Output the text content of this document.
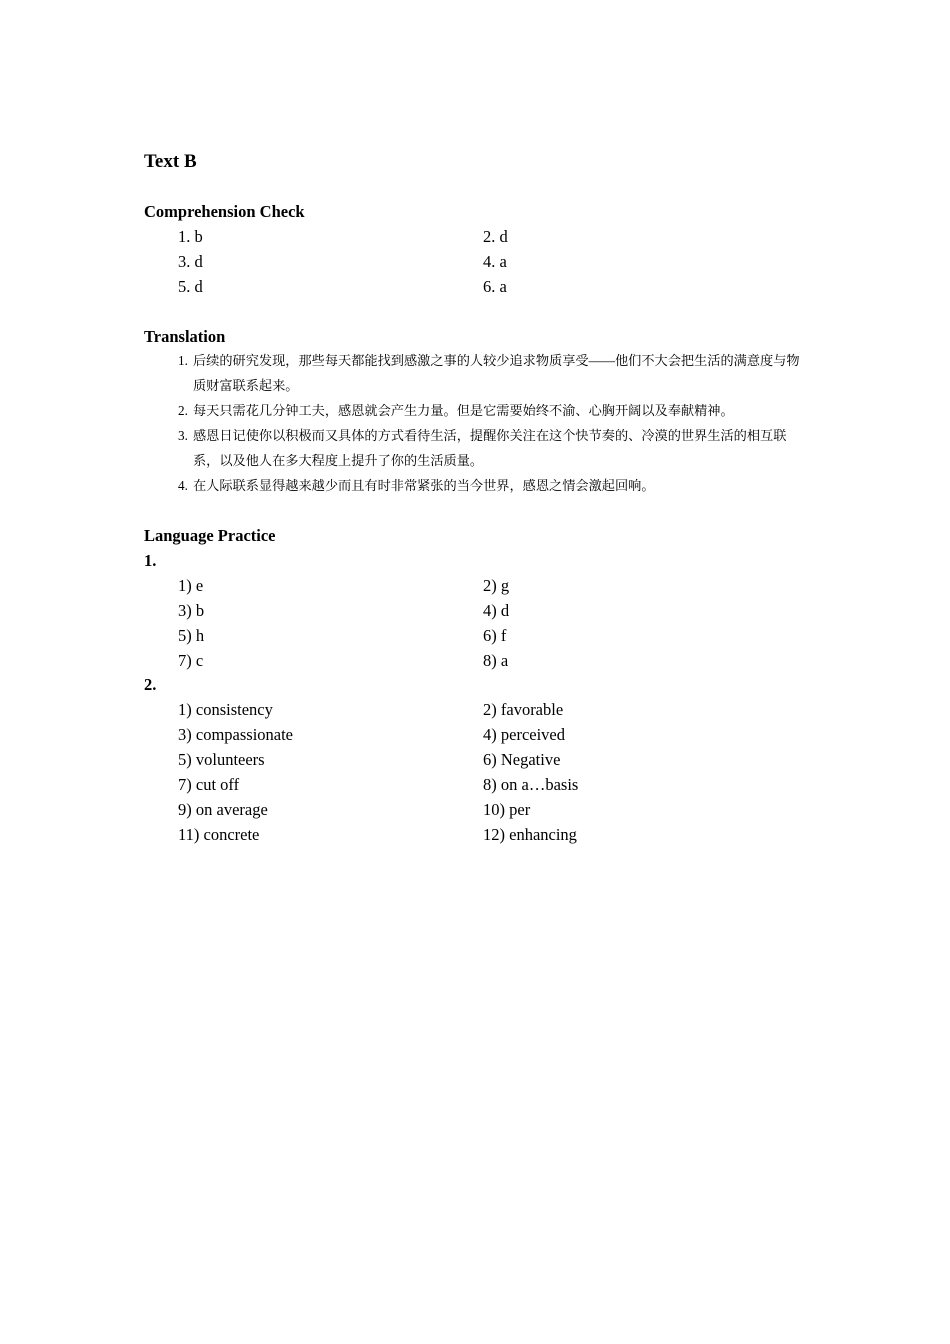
Text B
Comprehension Check
1. b	2. d
3. d	4. a
5. d	6. a
Translation
1. 后续的研究发现，那些每天都能找到感激之事的人较少追求物质享受——他们不大会把生活的满意度与物质财富联系起来。
2. 每天只需花几分钟工夫，感恩就会产生力量。但是它需要始终不渝、心胸开阔以及奉献精神。
3. 感恩日记使你以积极而又具体的方式看待生活，提醒你关注在这个快节奏的、冷漠的世界生活的相互联系，以及他人在多大程度上提升了你的生活质量。
4. 在人际联系显得越来越少而且有时非常紧张的当今世界，感恩之情会激起回响。
Language Practice
1.
1) e	2) g
3) b	4) d
5) h	6) f
7) c	8) a
2.
1) consistency	2) favorable
3) compassionate	4) perceived
5) volunteers	6) Negative
7) cut off	8) on a…basis
9) on average	10) per
11) concrete	12) enhancing
